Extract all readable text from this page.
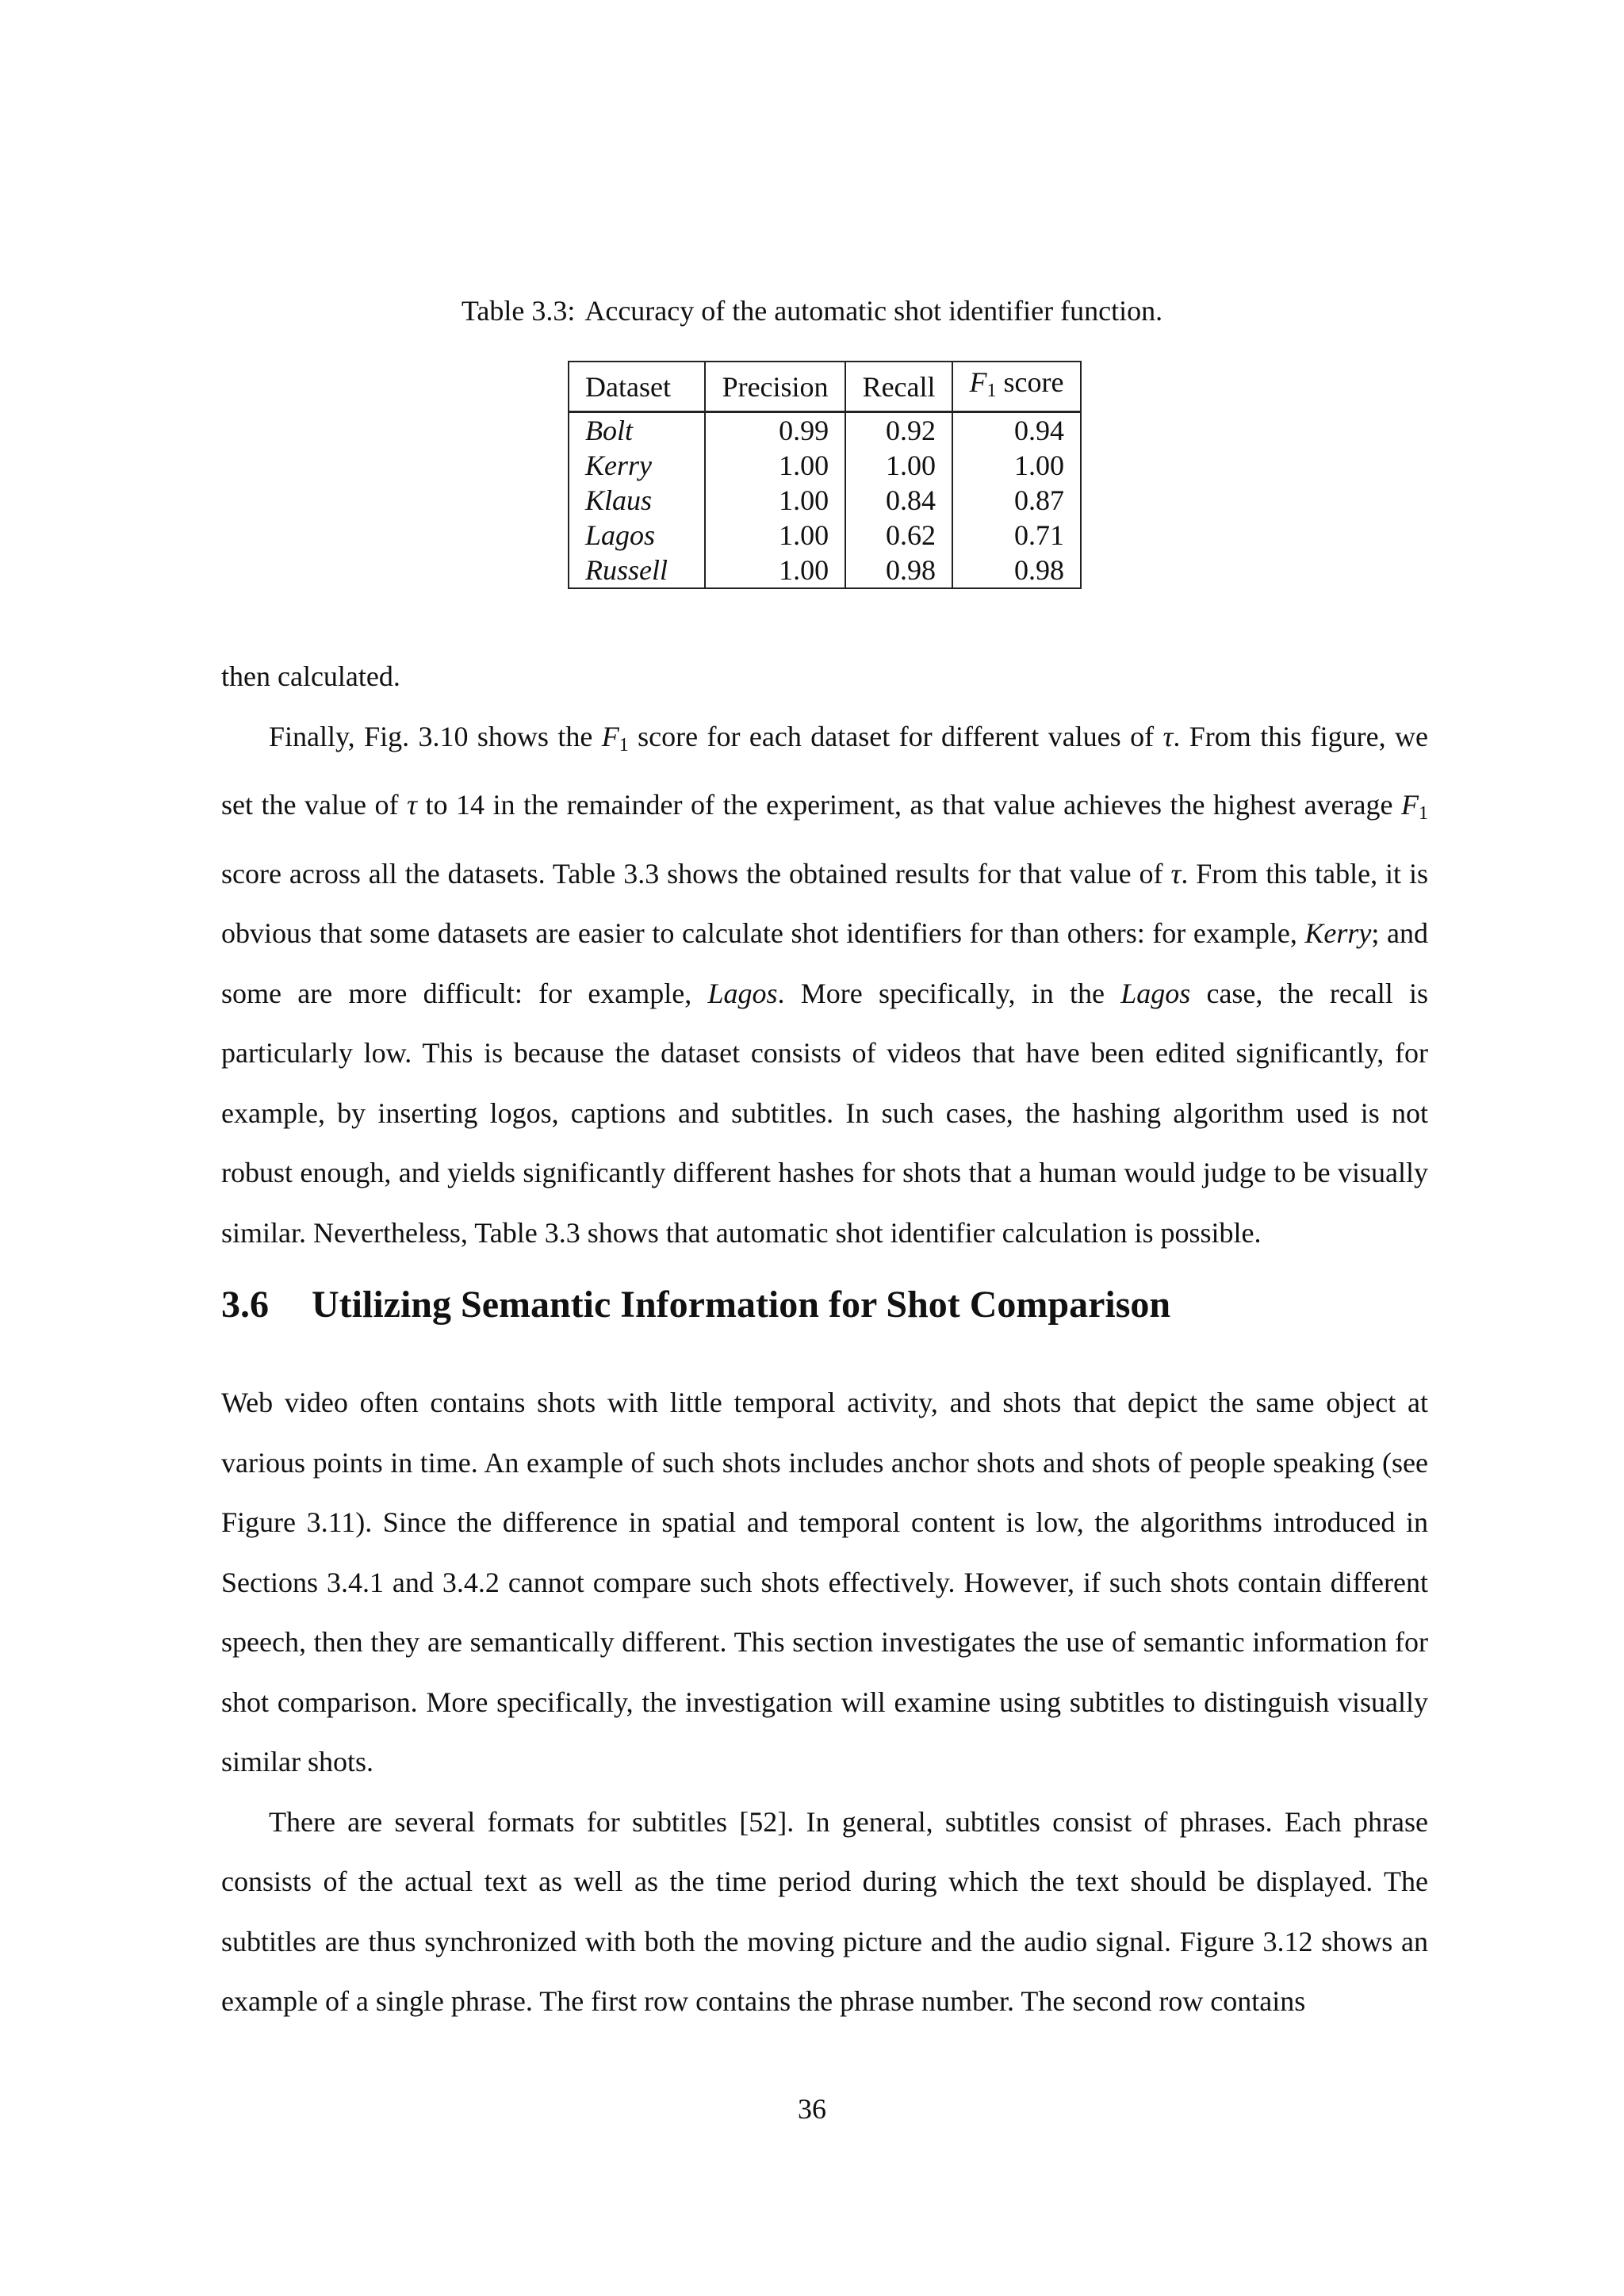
Table 3.3: Accuracy of the automatic shot identifier function.
Dataset	Precision	Recall	$F_1$ score
Bolt	0.99	0.92	0.94
Kerry	1.00	1.00	1.00
Klaus	1.00	0.84	0.87
Lagos	1.00	0.62	0.71
Russell	1.00	0.98	0.98

then calculated.

Finally, Fig. 3.10 shows the $F_1$ score for each dataset for different values of τ. From this figure, we set the value of τ to 14 in the remainder of the experiment, as that value achieves the highest average $F_1$ score across all the datasets. Table 3.3 shows the obtained results for that value of τ. From this table, it is obvious that some datasets are easier to calculate shot identifiers for than others: for example, Kerry; and some are more difficult: for example, Lagos. More specifically, in the Lagos case, the recall is particularly low. This is because the dataset consists of videos that have been edited significantly, for example, by inserting logos, captions and subtitles. In such cases, the hashing algorithm used is not robust enough, and yields significantly different hashes for shots that a human would judge to be visually similar. Nevertheless, Table 3.3 shows that automatic shot identifier calculation is possible.

3.6 Utilizing Semantic Information for Shot Comparison

Web video often contains shots with little temporal activity, and shots that depict the same object at various points in time. An example of such shots includes anchor shots and shots of people speaking (see Figure 3.11). Since the difference in spatial and temporal content is low, the algorithms introduced in Sections 3.4.1 and 3.4.2 cannot compare such shots effectively. However, if such shots contain different speech, then they are semantically different. This section investigates the use of semantic information for shot comparison. More specifically, the investigation will examine using subtitles to distinguish visually similar shots.

There are several formats for subtitles [52]. In general, subtitles consist of phrases. Each phrase consists of the actual text as well as the time period during which the text should be displayed. The subtitles are thus synchronized with both the moving picture and the audio signal. Figure 3.12 shows an example of a single phrase. The first row contains the phrase number. The second row contains

36
